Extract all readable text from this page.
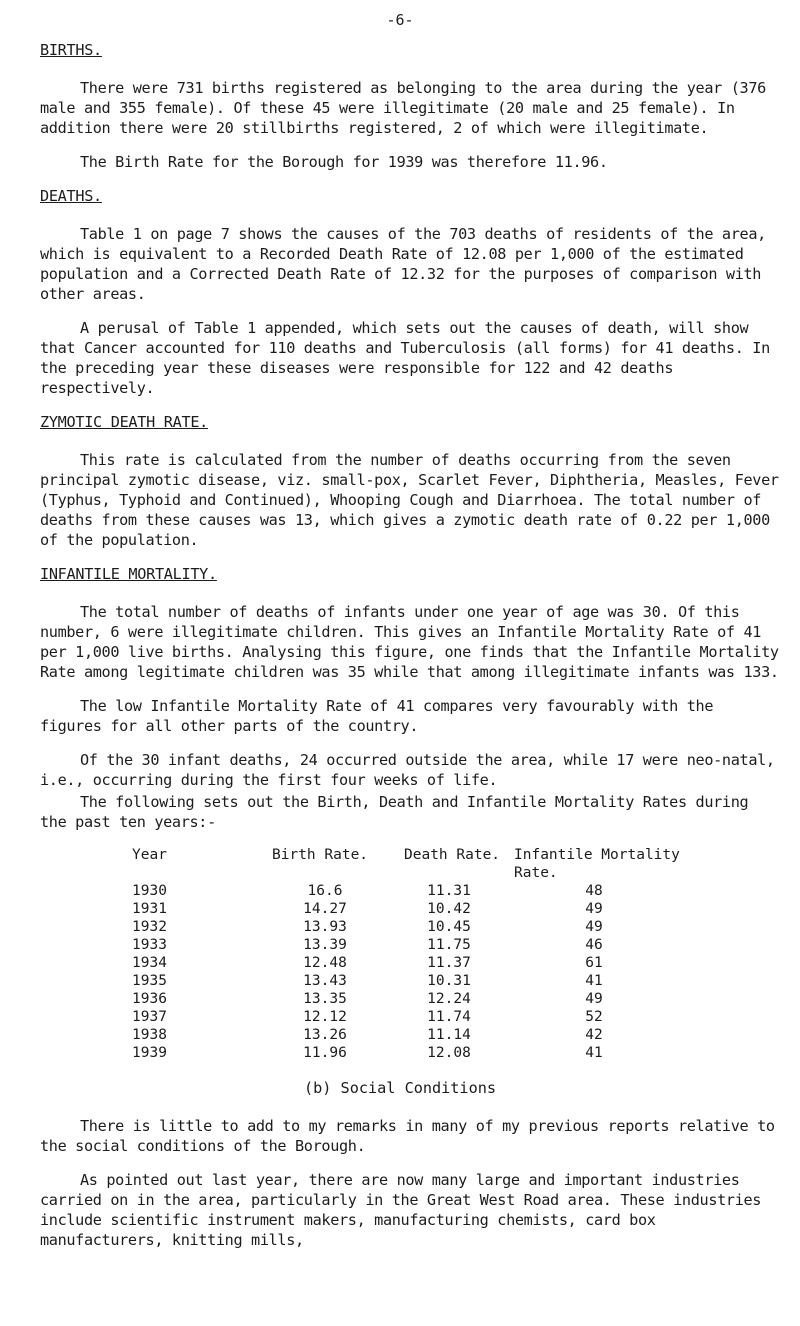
-6-
BIRTHS.

There were 731 births registered as belonging to the area during the year (376 male and 355 female). Of these 45 were illegitimate (20 male and 25 female). In addition there were 20 stillbirths registered, 2 of which were illegitimate.

The Birth Rate for the Borough for 1939 was therefore 11.96.

DEATHS.

Table 1 on page 7 shows the causes of the 703 deaths of residents of the area, which is equivalent to a Recorded Death Rate of 12.08 per 1,000 of the estimated population and a Corrected Death Rate of 12.32 for the purposes of comparison with other areas.

A perusal of Table 1 appended, which sets out the causes of death, will show that Cancer accounted for 110 deaths and Tuberculosis (all forms) for 41 deaths. In the preceding year these diseases were responsible for 122 and 42 deaths respectively.

ZYMOTIC DEATH RATE.

This rate is calculated from the number of deaths occurring from the seven principal zymotic disease, viz. small-pox, Scarlet Fever, Diphtheria, Measles, Fever (Typhus, Typhoid and Continued), Whooping Cough and Diarrhoea. The total number of deaths from these causes was 13, which gives a zymotic death rate of 0.22 per 1,000 of the population.

INFANTILE MORTALITY.

The total number of deaths of infants under one year of age was 30. Of this number, 6 were illegitimate children. This gives an Infantile Mortality Rate of 41 per 1,000 live births. Analysing this figure, one finds that the Infantile Mortality Rate among legitimate children was 35 while that among illegitimate infants was 133.

The low Infantile Mortality Rate of 41 compares very favourably with the figures for all other parts of the country.

Of the 30 infant deaths, 24 occurred outside the area, while 17 were neo-natal, i.e., occurring during the first four weeks of life.

The following sets out the Birth, Death and Infantile Mortality Rates during the past ten years:-

Year	Birth Rate.	Death Rate.	Infantile Mortality Rate.
1930	16.6	11.31	48
1931	14.27	10.42	49
1932	13.93	10.45	49
1933	13.39	11.75	46
1934	12.48	11.37	61
1935	13.43	10.31	41
1936	13.35	12.24	49
1937	12.12	11.74	52
1938	13.26	11.14	42
1939	11.96	12.08	41
(b) Social Conditions

There is little to add to my remarks in many of my previous reports relative to the social conditions of the Borough.

As pointed out last year, there are now many large and important industries carried on in the area, particularly in the Great West Road area. These industries include scientific instrument makers, manufacturing chemists, card box manufacturers, knitting mills,
